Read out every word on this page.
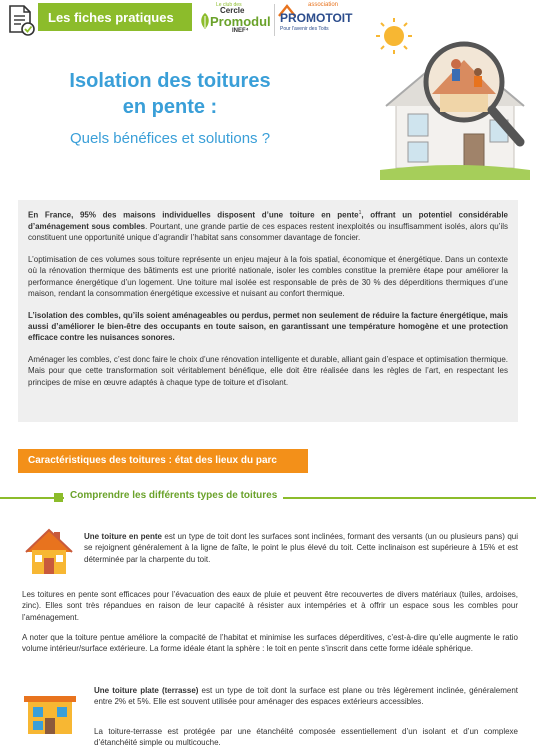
Les fiches pratiques
Le club des
Cercle
Promodul
INEF⁴
association
PROMOTOIT
Pour l'avenir des Toits
Isolation des toitures
en pente :
Quels bénéfices et solutions ?

En France, 95% des maisons individuelles disposent d’une toiture en pente$^1$, offrant un potentiel considérable d’aménagement sous combles. Pourtant, une grande partie de ces espaces restent inexploités ou insuffisamment isolés, alors qu’ils constituent une opportunité unique d’agrandir l’habitat sans consommer davantage de foncier.

L’optimisation de ces volumes sous toiture représente un enjeu majeur à la fois spatial, économique et énergétique. Dans un contexte où la rénovation thermique des bâtiments est une priorité nationale, isoler les combles constitue la première étape pour améliorer la performance énergétique d’un logement. Une toiture mal isolée est responsable de près de 30 % des déperditions thermiques d’une maison, rendant la consommation énergétique excessive et nuisant au confort thermique.

L’isolation des combles, qu’ils soient aménageables ou perdus, permet non seulement de réduire la facture énergétique, mais aussi d’améliorer le bien-être des occupants en toute saison, en garantissant une température homogène et une protection efficace contre les nuisances sonores.

Aménager les combles, c’est donc faire le choix d’une rénovation intelligente et durable, alliant gain d’espace et optimisation thermique. Mais pour que cette transformation soit véritablement bénéfique, elle doit être réalisée dans les règles de l’art, en respectant les principes de mise en œuvre adaptés à chaque type de toiture et d’isolant.

Caractéristiques des toitures : état des lieux du parc
Comprendre les différents types de toitures
Une toiture en pente est un type de toit dont les surfaces sont inclinées, formant des versants (un ou plusieurs pans) qui se rejoignent généralement à la ligne de faîte, le point le plus élevé du toit. Cette inclinaison est supérieure à 15% et est déterminée par la charpente du toit.
Les toitures en pente sont efficaces pour l’évacuation des eaux de pluie et peuvent être recouvertes de divers matériaux (tuiles, ardoises, zinc). Elles sont très répandues en raison de leur capacité à résister aux intempéries et à offrir un espace sous les combles pour l’aménagement.
A noter que la toiture pentue améliore la compacité de l’habitat et minimise les surfaces déperditives, c’est-à-dire qu’elle augmente le ratio volume intérieur/surface extérieure. La forme idéale étant la sphère : le toit en pente s’inscrit dans cette forme idéale sphérique.
Une toiture plate (terrasse) est un type de toit dont la surface est plane ou très légèrement inclinée, généralement entre 2% et 5%. Elle est souvent utilisée pour aménager des espaces extérieurs accessibles.
La toiture-terrasse est protégée par une étanchéité composée essentiellement d’un isolant et d’un complexe d’étanchéité simple ou multicouche.
